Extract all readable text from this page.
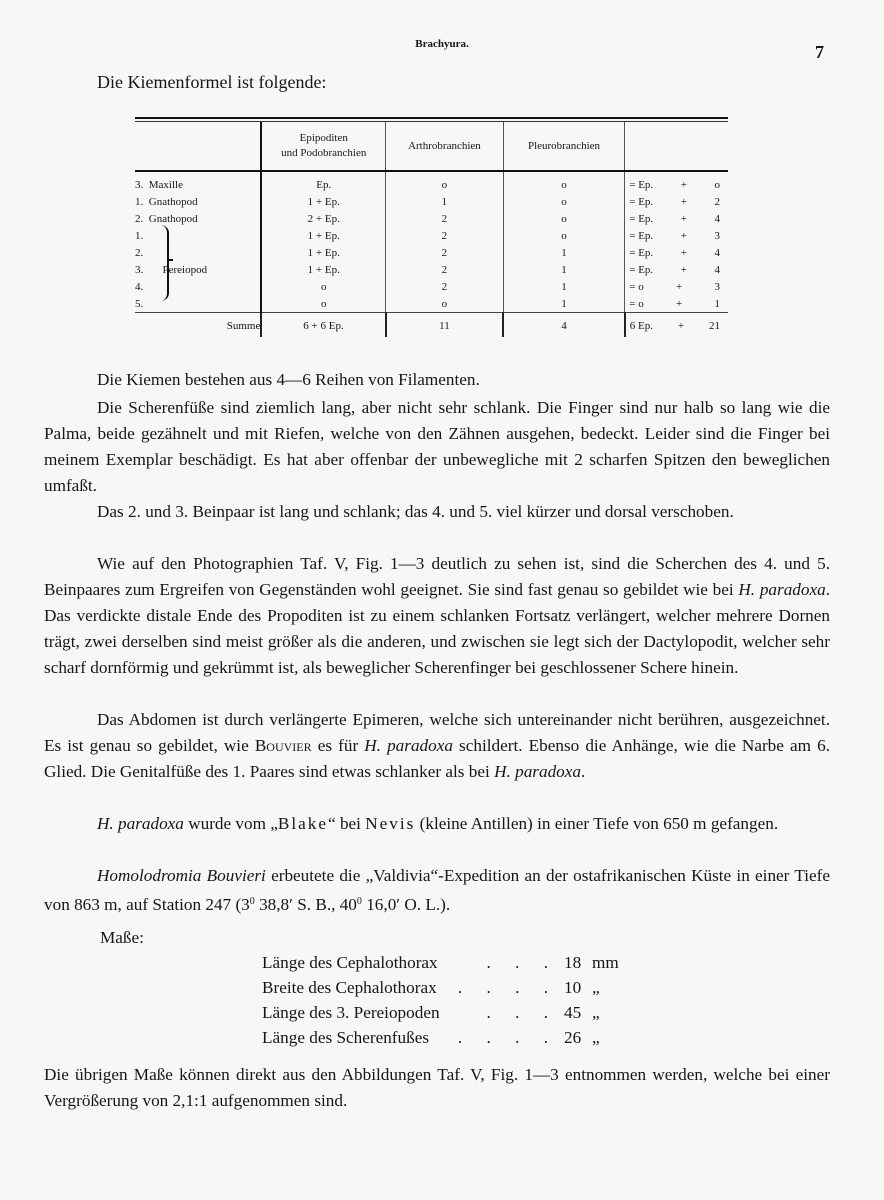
Brachyura.	7
Die Kiemenformel ist folgende:

	Epipoditen
und Podobranchien	Arthrobranchien	Pleurobranchien	
3. Maxille	Ep.	o	o	= Ep. + o

1. Gnathopod	1 + Ep.	1	o	= Ep. + 2

2. Gnathopod	2 + Ep.	2	o	= Ep. + 4

1.	1 + Ep.	2	o	= Ep. + 3

2.	1 + Ep.	2	1	= Ep. + 4

3. Pereiopod	1 + Ep.	2	1	= Ep. + 4

4.	o	2	1	= o + 3

5.	o	o	1	= o + 1

Summe	6 + 6 Ep.	11	4	6 Ep. + 21
Die Kiemen bestehen aus 4—6 Reihen von Filamenten.
Die Scherenfüße sind ziemlich lang, aber nicht sehr schlank. Die Finger sind nur halb so lang wie die Palma, beide gezähnelt und mit Riefen, welche von den Zähnen ausgehen, bedeckt. Leider sind die Finger bei meinem Exemplar beschädigt. Es hat aber offenbar der unbewegliche mit 2 scharfen Spitzen den beweglichen umfaßt.
Das 2. und 3. Beinpaar ist lang und schlank; das 4. und 5. viel kürzer und dorsal verschoben.
Wie auf den Photographien Taf. V, Fig. 1—3 deutlich zu sehen ist, sind die Scherchen des 4. und 5. Beinpaares zum Ergreifen von Gegenständen wohl geeignet. Sie sind fast genau so gebildet wie bei H. paradoxa. Das verdickte distale Ende des Propoditen ist zu einem schlanken Fortsatz verlängert, welcher mehrere Dornen trägt, zwei derselben sind meist größer als die anderen, und zwischen sie legt sich der Dactylopodit, welcher sehr scharf dornförmig und gekrümmt ist, als beweglicher Scherenfinger bei geschlossener Schere hinein.
Das Abdomen ist durch verlängerte Epimeren, welche sich untereinander nicht berühren, ausgezeichnet. Es ist genau so gebildet, wie Bouvier es für H. paradoxa schildert. Ebenso die Anhänge, wie die Narbe am 6. Glied. Die Genitalfüße des 1. Paares sind etwas schlanker als bei H. paradoxa.
H. paradoxa wurde vom „Blake“ bei Nevis (kleine Antillen) in einer Tiefe von 650 m gefangen.
Homolodromia Bouvieri erbeutete die „Valdivia“-Expedition an der ostafrikanischen Küste in einer Tiefe von 863 m, auf Station 247 ($3^0$ 38,8′ S. B., $40^0$ 16,0′ O. L.).
Maße:
Länge des Cephalothorax	. . . 18 mm
Breite des Cephalothorax	. . . . 10 „
Länge des 3. Pereiopoden	. . . 45 „
Länge des Scherenfußes	. . . . 26 „
Die übrigen Maße können direkt aus den Abbildungen Taf. V, Fig. 1—3 entnommen werden, welche bei einer Vergrößerung von 2,1:1 aufgenommen sind.
